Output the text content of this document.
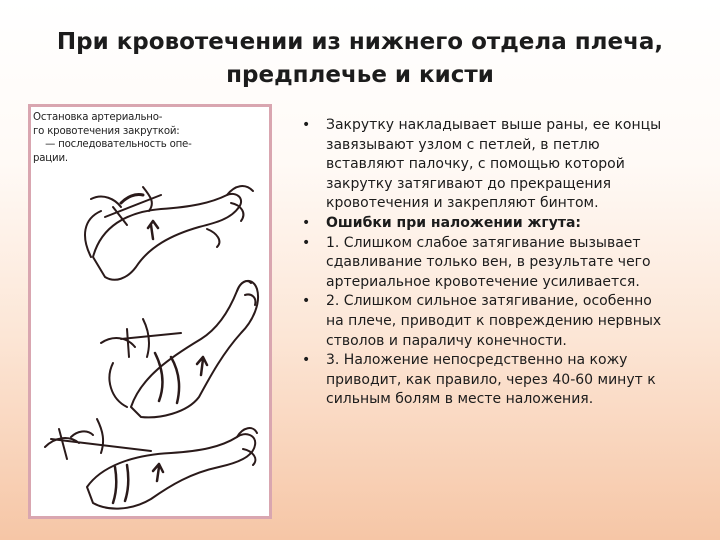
При кровотечении из нижнего отдела плеча,
предплечье и кисти
Остановка артериально-
го кровотечения закруткой:
— последовательность опе-
рации.
• Закрутку накладывает выше раны, ее концы завязывают узлом с петлей, в петлю вставляют палочку, с помощью которой закрутку затягивают до прекращения кровотечения и закрепляют бинтом.
• Ошибки при наложении жгута:
• 1. Слишком слабое затягивание вызывает сдавливание только вен, в результате чего артериальное кровотечение усиливается.
• 2. Слишком сильное затягивание, особенно на плече, приводит к повреждению нервных стволов и параличу конечности.
• 3. Наложение непосредственно на кожу приводит, как правило, через 40-60 минут к сильным болям в месте наложения.
